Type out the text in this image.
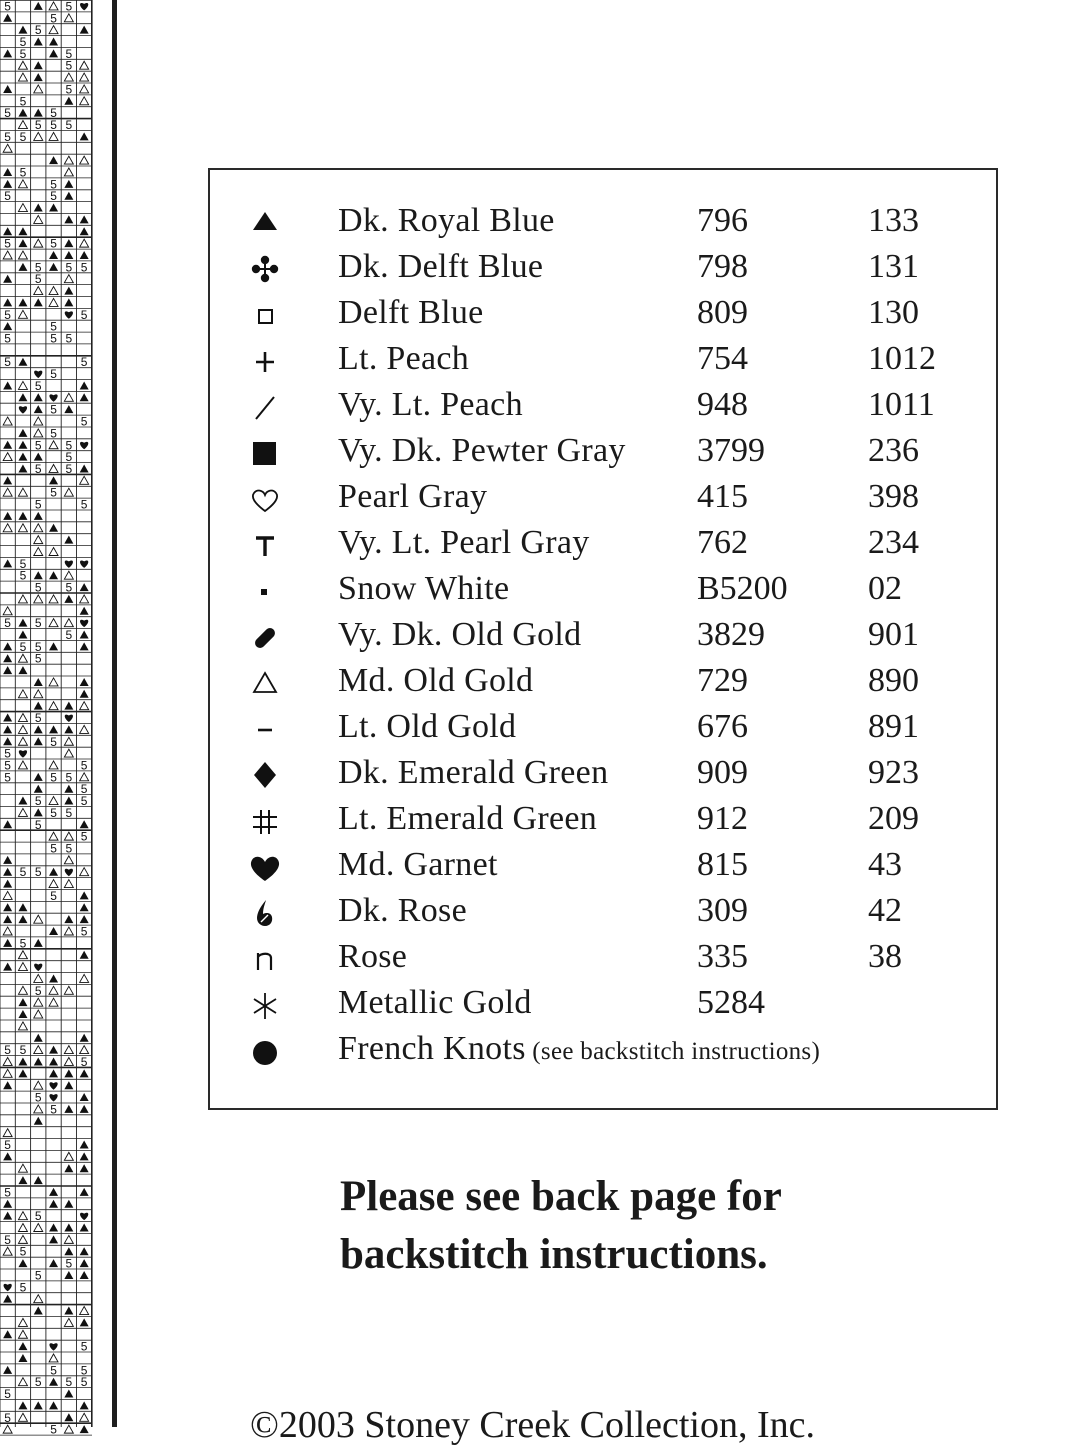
5	5
5
5
5
5	5
5
5
5
5	5
5 5 5
5 5
5
5
5	5
5	5
5 5 5
5
5	5
5
5	5 5
5	5
5
5
5
5
5
5 5
5
5 5
5
5	5
5
5
5 5
5 5
5
5 5
5
5
5
5
5	5
5	5 5
5
5	5
5 5
5
5
5 5
5 5
5
5
5
5
5 5
5
5
5
5
5
5
5
5
5
5
5
5
5 5
5 5 5
5
5
5
Dk. Royal Blue	796	133
Dk. Delft Blue	798	131
Delft Blue	809	130
Lt. Peach	754	1012
Vy. Lt. Peach	948	1011
Vy. Dk. Pewter Gray 3799	236
Pearl Gray	415	398
Vy. Lt. Pearl Gray	762	234
Snow White	B5200 02
Vy. Dk. Old Gold	3829	901
Md. Old Gold	729	890
Lt. Old Gold	676	891
Dk. Emerald Green	909	923
Lt. Emerald Green	912	209
Md. Garnet	815	43
Dk. Rose	309	42
Rose	335	38
Metallic Gold	5284
French Knots (see backstitch instructions)
Please see back page for
backstitch instructions.
©2003 Stoney Creek Collection, Inc.
